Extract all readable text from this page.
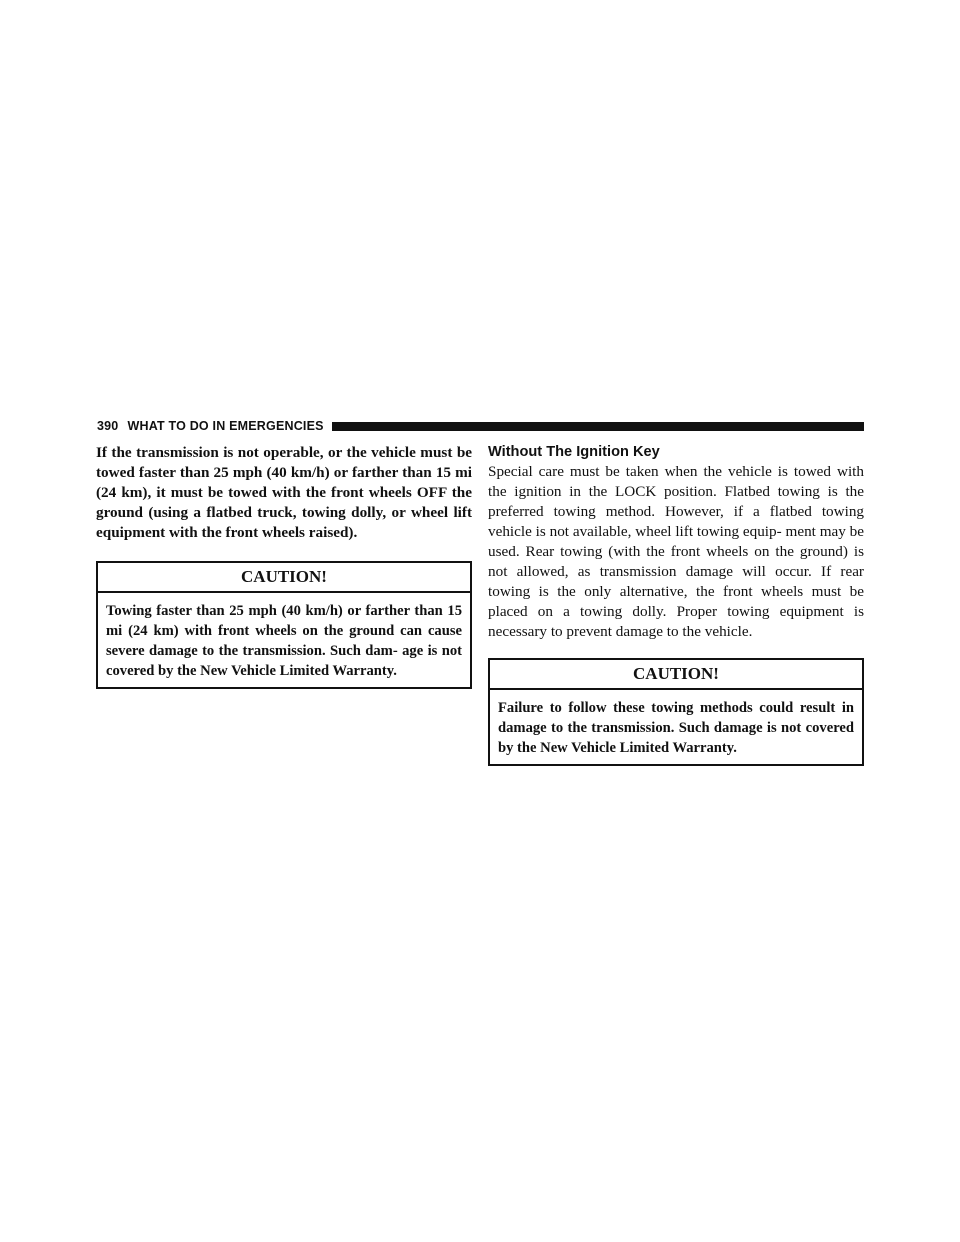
390 WHAT TO DO IN EMERGENCIES

If the transmission is not operable, or the vehicle must be towed faster than 25 mph (40 km/h) or farther than 15 mi (24 km), it must be towed with the front wheels OFF the ground (using a flatbed truck, towing dolly, or wheel lift equipment with the front wheels raised).

CAUTION!

Towing faster than 25 mph (40 km/h) or farther than 15 mi (24 km) with front wheels on the ground can cause severe damage to the transmission. Such dam- age is not covered by the New Vehicle Limited Warranty.

Without The Ignition Key

Special care must be taken when the vehicle is towed with the ignition in the LOCK position. Flatbed towing is the preferred towing method. However, if a flatbed towing vehicle is not available, wheel lift towing equip- ment may be used. Rear towing (with the front wheels on the ground) is not allowed, as transmission damage will occur. If rear towing is the only alternative, the front wheels must be placed on a towing dolly. Proper towing equipment is necessary to prevent damage to the vehicle.

CAUTION!

Failure to follow these towing methods could result in damage to the transmission. Such damage is not covered by the New Vehicle Limited Warranty.
